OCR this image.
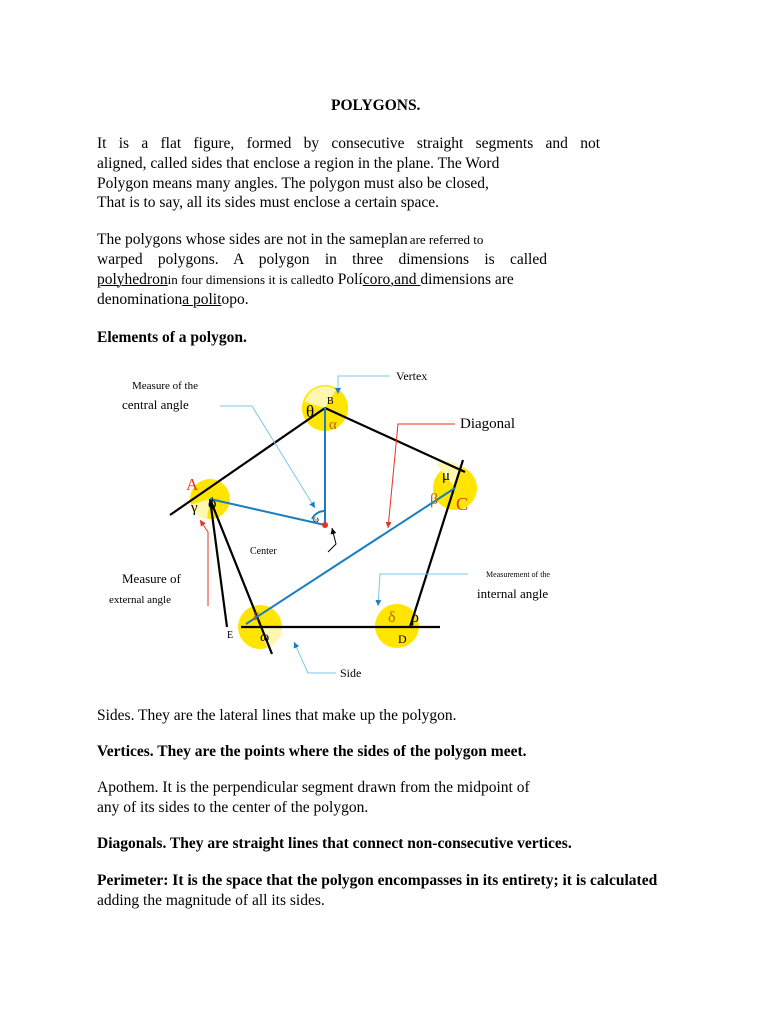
POLYGONS.
It is a flat figure, formed by consecutive straight segments and not
aligned, called sides that enclose a region in the plane. The Word
Polygon means many angles. The polygon must also be closed,
That is to say, all its sides must enclose a certain space.
The polygons whose sides are not in the sameplan are referred to
warped polygons. A polygon in three dimensions is called
polyhedronin four dimensions it is calledto Polícoro,and dimensions are
denominationa politopo.
Elements of a polygon.
Measure of the
central angle
Vertex
B
θ
α	Diagonal
μ
β C
A
ϕ
γ
ω
Center
Measure of
external angle
Measurement of the
internal angle
ε	δ ρ
E ω	D
Side
Sides. They are the lateral lines that make up the polygon.
Vertices. They are the points where the sides of the polygon meet.
Apothem. It is the perpendicular segment drawn from the midpoint of
any of its sides to the center of the polygon.
Diagonals. They are straight lines that connect non-consecutive vertices.
Perimeter: It is the space that the polygon encompasses in its entirety; it is calculated
adding the magnitude of all its sides.
